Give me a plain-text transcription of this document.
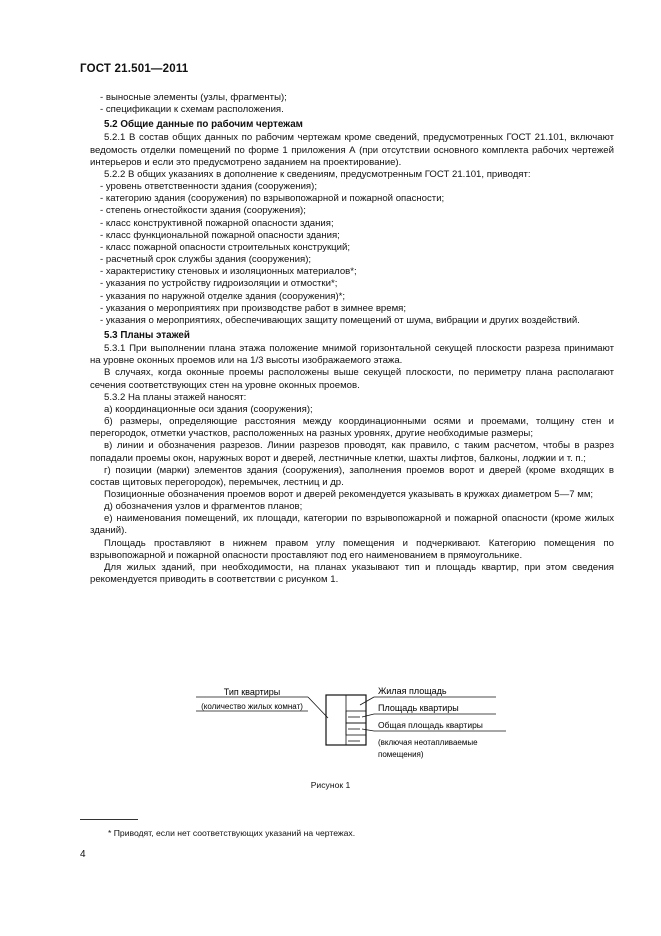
ГОСТ 21.501—2011

- выносные элементы (узлы, фрагменты);

- спецификации к схемам расположения.

5.2 Общие данные по рабочим чертежам

5.2.1 В состав общих данных по рабочим чертежам кроме сведений, предусмотренных ГОСТ 21.101, включают ведомость отделки помещений по форме 1 приложения А (при отсутствии основного комплекта рабочих чертежей интерьеров и если это предусмотрено заданием на проектирование).

5.2.2 В общих указаниях в дополнение к сведениям, предусмотренным ГОСТ 21.101, приводят:

- уровень ответственности здания (сооружения);

- категорию здания (сооружения) по взрывопожарной и пожарной опасности;

- степень огнестойкости здания (сооружения);

- класс конструктивной пожарной опасности здания;

- класс функциональной пожарной опасности здания;

- класс пожарной опасности строительных конструкций;

- расчетный срок службы здания (сооружения);

- характеристику стеновых и изоляционных материалов*;

- указания по устройству гидроизоляции и отмостки*;

- указания по наружной отделке здания (сооружения)*;

- указания о мероприятиях при производстве работ в зимнее время;

- указания о мероприятиях, обеспечивающих защиту помещений от шума, вибрации и других воздействий.

5.3 Планы этажей

5.3.1 При выполнении плана этажа положение мнимой горизонтальной секущей плоскости разреза принимают на уровне оконных проемов или на 1/3 высоты изображаемого этажа.

В случаях, когда оконные проемы расположены выше секущей плоскости, по периметру плана располагают сечения соответствующих стен на уровне оконных проемов.

5.3.2 На планы этажей наносят:

а) координационные оси здания (сооружения);

б) размеры, определяющие расстояния между координационными осями и проемами, толщину стен и перегородок, отметки участков, расположенных на разных уровнях, другие необходимые размеры;

в) линии и обозначения разрезов. Линии разрезов проводят, как правило, с таким расчетом, чтобы в разрез попадали проемы окон, наружных ворот и дверей, лестничные клетки, шахты лифтов, балконы, лоджии и т. п.;

г) позиции (марки) элементов здания (сооружения), заполнения проемов ворот и дверей (кроме входящих в состав щитовых перегородок), перемычек, лестниц и др.

Позиционные обозначения проемов ворот и дверей рекомендуется указывать в кружках диаметром 5—7 мм;

д) обозначения узлов и фрагментов планов;

е) наименования помещений, их площади, категории по взрывопожарной и пожарной опасности (кроме жилых зданий).

Площадь проставляют в нижнем правом углу помещения и подчеркивают. Категорию помещения по взрывопожарной и пожарной опасности проставляют под его наименованием в прямоугольнике.

Для жилых зданий, при необходимости, на планах указывают тип и площадь квартир, при этом сведения рекомендуется приводить в соответствии с рисунком 1.

Тип квартиры
(количество жилых комнат)
Жилая площадь
Площадь квартиры
Общая площадь квартиры
(включая неотапливаемые
помещения)
Рисунок 1
* Приводят, если нет соответствующих указаний на чертежах.
4
